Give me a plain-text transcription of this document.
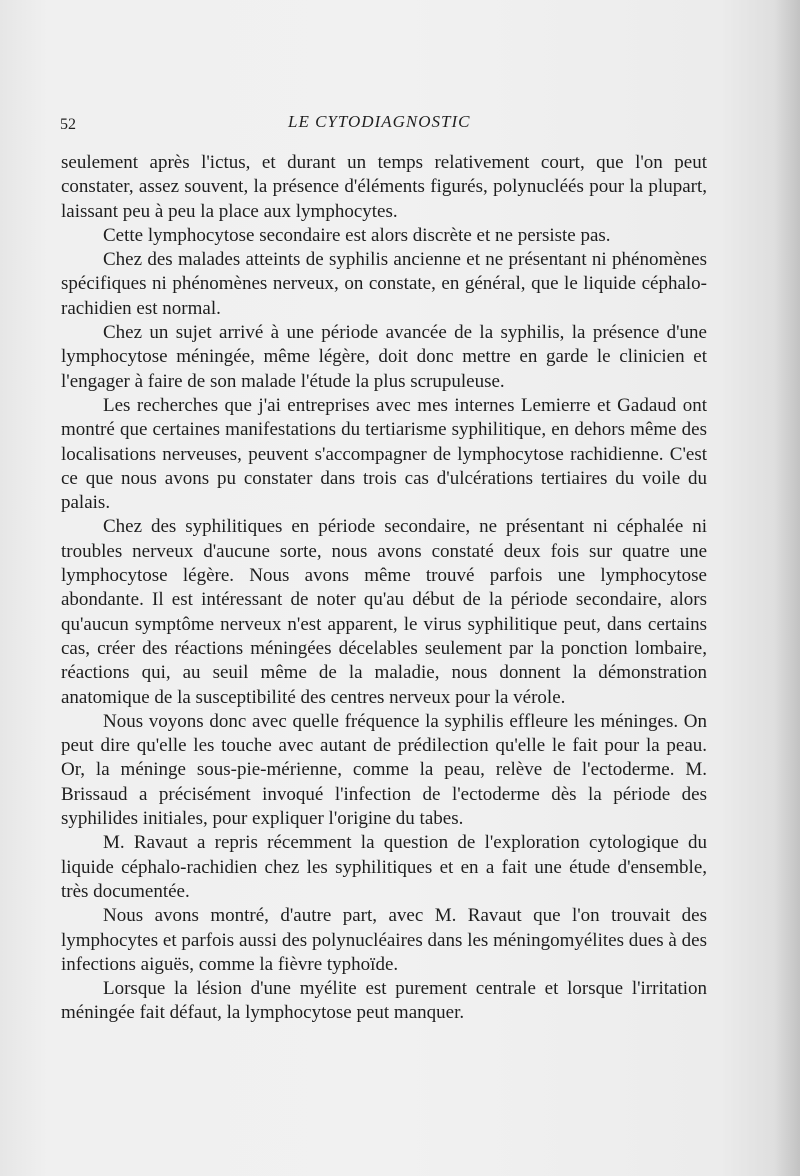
52	LE CYTODIAGNOSTIC

seulement après l'ictus, et durant un temps relativement court, que l'on peut constater, assez souvent, la présence d'éléments figurés, polynucléés pour la plupart, laissant peu à peu la place aux lymphocytes.

Cette lymphocytose secondaire est alors discrète et ne persiste pas.

Chez des malades atteints de syphilis ancienne et ne présentant ni phénomènes spécifiques ni phénomènes nerveux, on constate, en général, que le liquide céphalo-rachidien est normal.

Chez un sujet arrivé à une période avancée de la syphilis, la présence d'une lymphocytose méningée, même légère, doit donc mettre en garde le clinicien et l'engager à faire de son malade l'étude la plus scrupuleuse.

Les recherches que j'ai entreprises avec mes internes Lemierre et Gadaud ont montré que certaines manifestations du tertiarisme syphilitique, en dehors même des localisations nerveuses, peuvent s'accompagner de lymphocytose rachidienne. C'est ce que nous avons pu constater dans trois cas d'ulcérations tertiaires du voile du palais.

Chez des syphilitiques en période secondaire, ne présentant ni céphalée ni troubles nerveux d'aucune sorte, nous avons constaté deux fois sur quatre une lymphocytose légère. Nous avons même trouvé parfois une lymphocytose abondante. Il est intéressant de noter qu'au début de la période secondaire, alors qu'aucun symptôme nerveux n'est apparent, le virus syphilitique peut, dans certains cas, créer des réactions méningées décelables seulement par la ponction lombaire, réactions qui, au seuil même de la maladie, nous donnent la démonstration anatomique de la susceptibilité des centres nerveux pour la vérole.

Nous voyons donc avec quelle fréquence la syphilis effleure les méninges. On peut dire qu'elle les touche avec autant de prédilection qu'elle le fait pour la peau. Or, la méninge sous-pie-mérienne, comme la peau, relève de l'ectoderme. M. Brissaud a précisément invoqué l'infection de l'ectoderme dès la période des syphilides initiales, pour expliquer l'origine du tabes.

M. Ravaut a repris récemment la question de l'exploration cytologique du liquide céphalo-rachidien chez les syphilitiques et en a fait une étude d'ensemble, très documentée.

Nous avons montré, d'autre part, avec M. Ravaut que l'on trouvait des lymphocytes et parfois aussi des polynucléaires dans les méningomyélites dues à des infections aiguës, comme la fièvre typhoïde.

Lorsque la lésion d'une myélite est purement centrale et lorsque l'irritation méningée fait défaut, la lymphocytose peut manquer.
